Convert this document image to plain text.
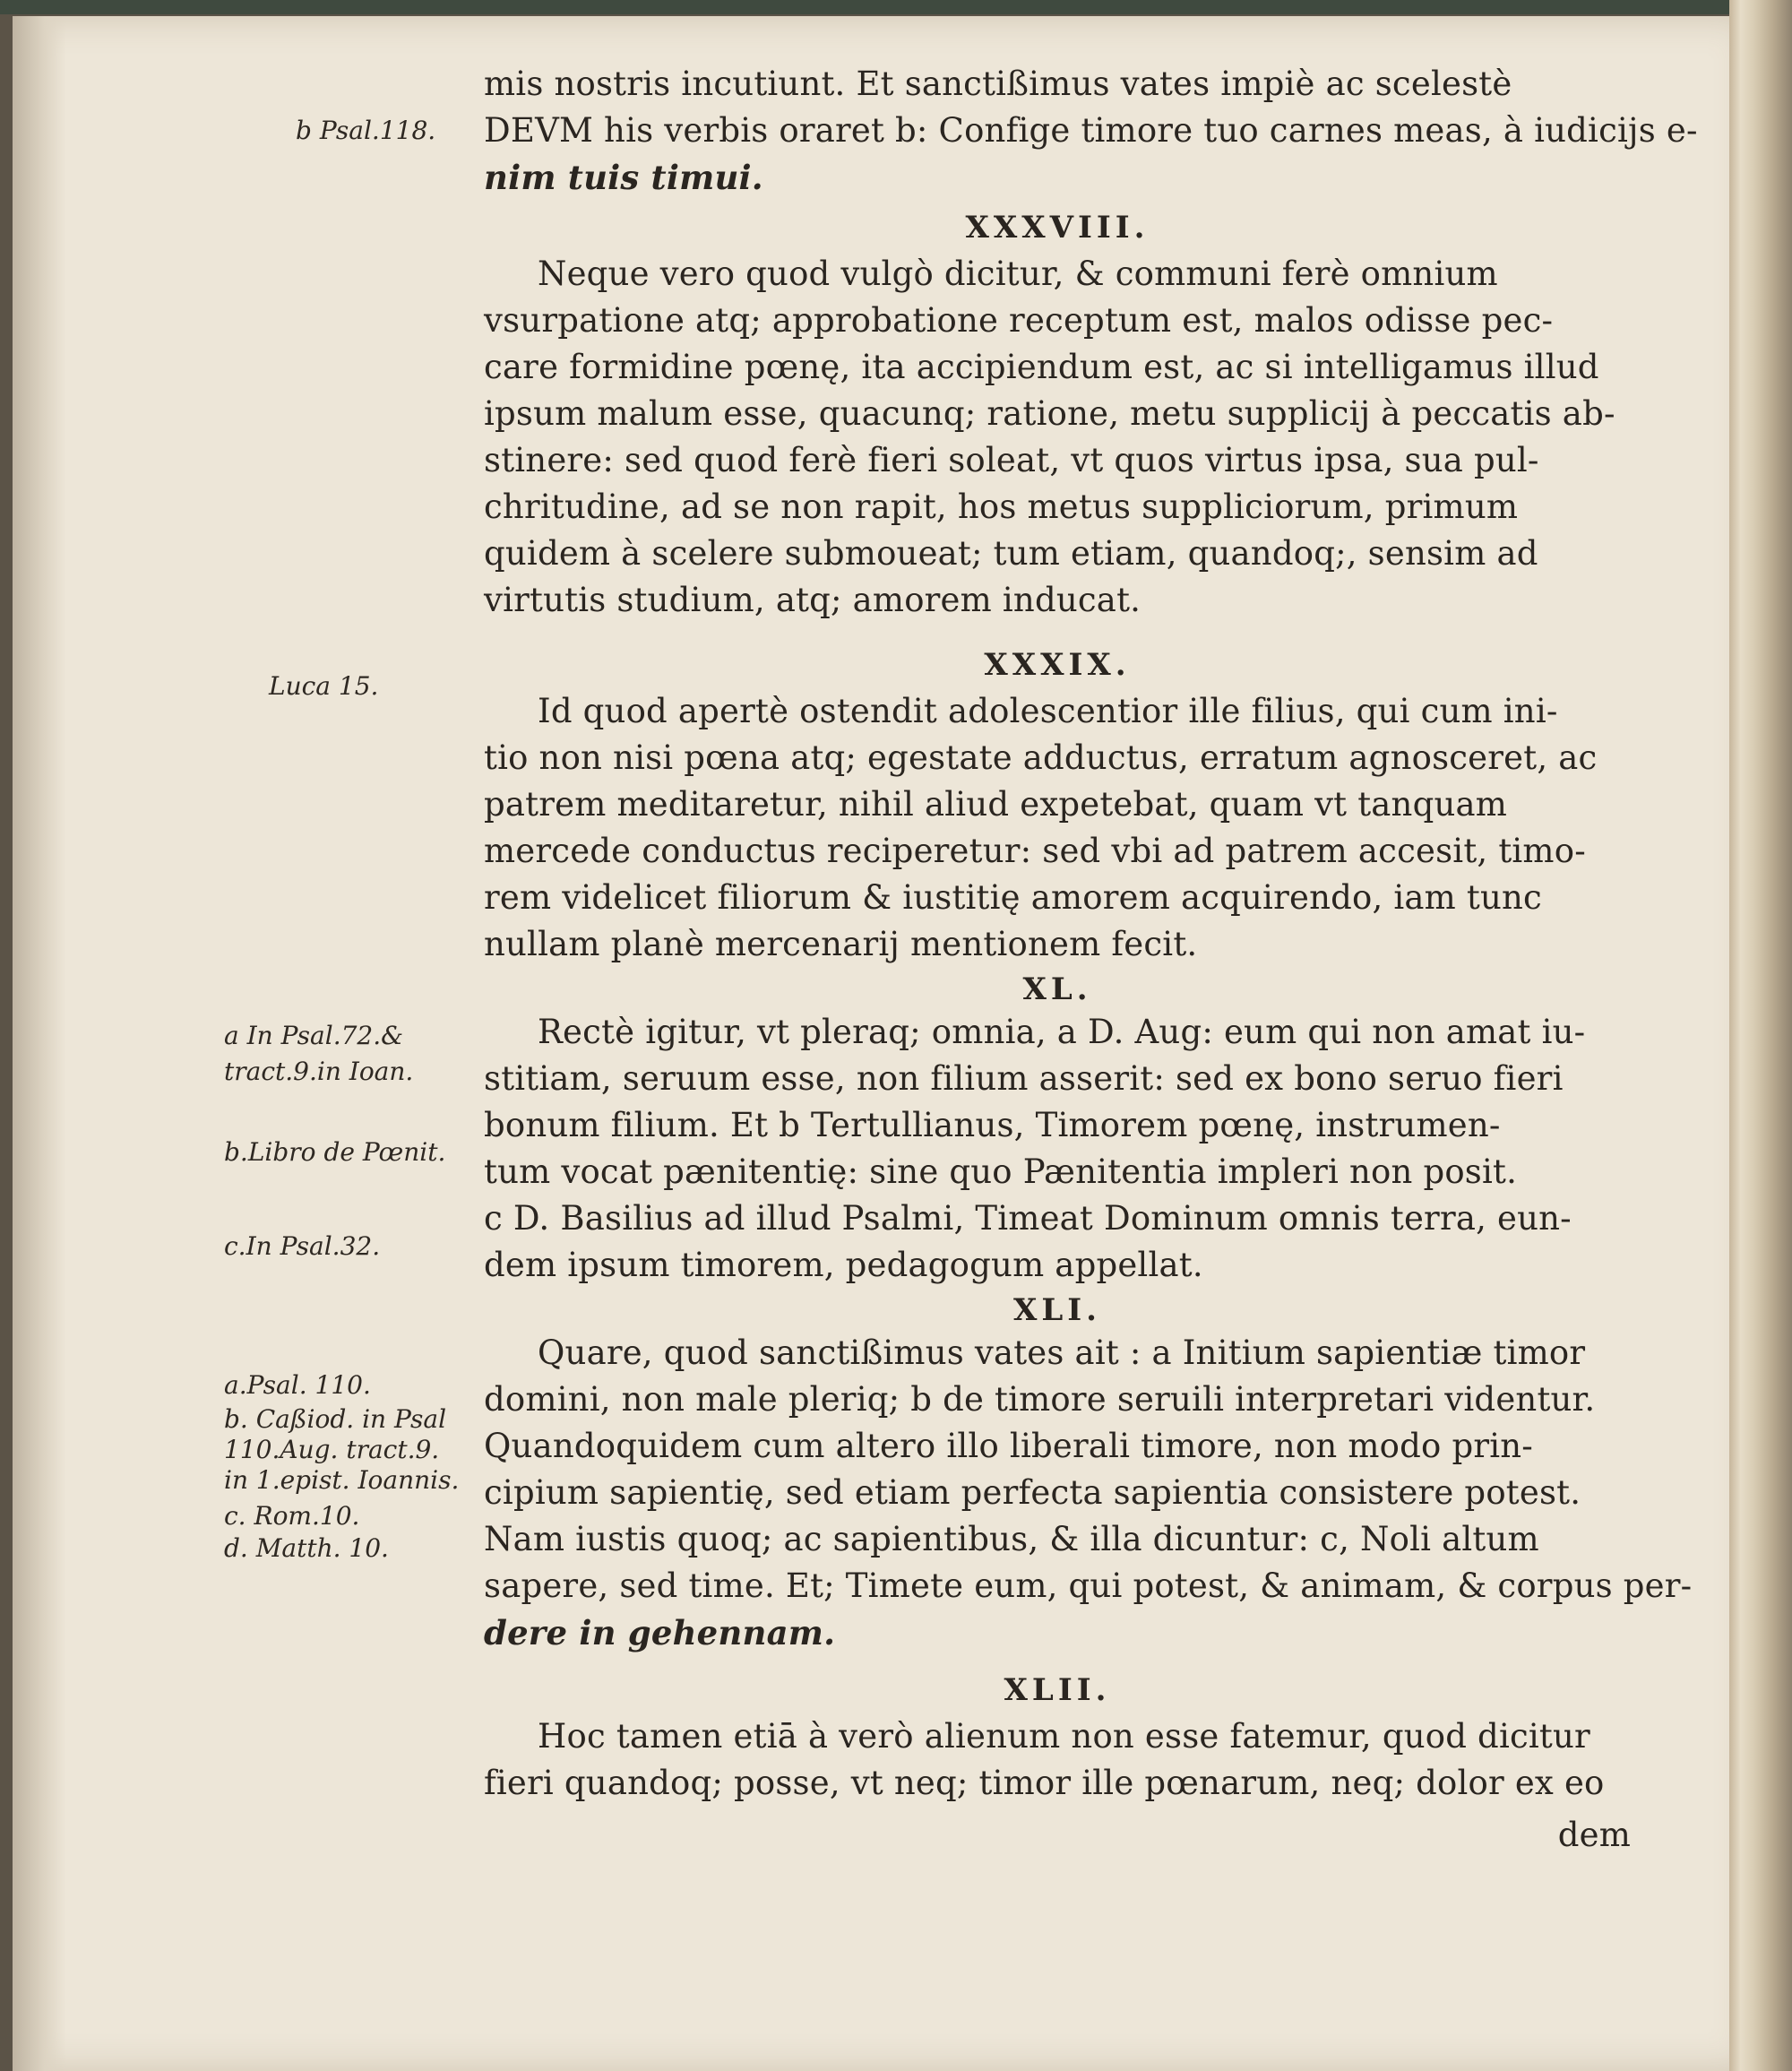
b Psal.118.
Luca 15.
a In Psal.72.&
tract.9.in Ioan.
b.Libro de Pœnit.
c.In Psal.32.
a.Psal. 110.
b. Caßiod. in Psal
110.Aug. tract.9.
in 1.epist. Ioannis.
c. Rom.10.
d. Matth. 10.
mis nostris incutiunt. Et sanctißimus vates impiè ac scelestè
DEVM his verbis oraret b: Confige timore tuo carnes meas, à iudicijs e-
nim tuis timui.
XXXVIII.
Neque vero quod vulgò dicitur, & communi ferè omnium
vsurpatione atq; approbatione receptum est, malos odisse pec-
care formidine pœnę, ita accipiendum est, ac si intelligamus illud
ipsum malum esse, quacunq; ratione, metu supplicij à peccatis ab-
stinere: sed quod ferè fieri soleat, vt quos virtus ipsa, sua pul-
chritudine, ad se non rapit, hos metus suppliciorum, primum
quidem à scelere submoueat; tum etiam, quandoq;, sensim ad
virtutis studium, atq; amorem inducat.
XXXIX.
Id quod apertè ostendit adolescentior ille filius, qui cum ini-
tio non nisi pœna atq; egestate adductus, erratum agnosceret, ac
patrem meditaretur, nihil aliud expetebat, quam vt tanquam
mercede conductus reciperetur: sed vbi ad patrem accesit, timo-
rem videlicet filiorum & iustitię amorem acquirendo, iam tunc
nullam planè mercenarij mentionem fecit.
XL.
Rectè igitur, vt pleraq; omnia, a D. Aug: eum qui non amat iu-
stitiam, seruum esse, non filium asserit: sed ex bono seruo fieri
bonum filium. Et b Tertullianus, Timorem pœnę, instrumen-
tum vocat pænitentię: sine quo Pænitentia impleri non posit.
c D. Basilius ad illud Psalmi, Timeat Dominum omnis terra, eun-
dem ipsum timorem, pedagogum appellat.
XLI.
Quare, quod sanctißimus vates ait : a Initium sapientiæ timor
domini, non male pleriq; b de timore seruili interpretari videntur.
Quandoquidem cum altero illo liberali timore, non modo prin-
cipium sapientię, sed etiam perfecta sapientia consistere potest.
Nam iustis quoq; ac sapientibus, & illa dicuntur: c, Noli altum
sapere, sed time. Et; Timete eum, qui potest, & animam, & corpus per-
dere in gehennam.
XLII.
Hoc tamen etiā à verò alienum non esse fatemur, quod dicitur
fieri quandoq; posse, vt neq; timor ille pœnarum, neq; dolor ex eo
dem
